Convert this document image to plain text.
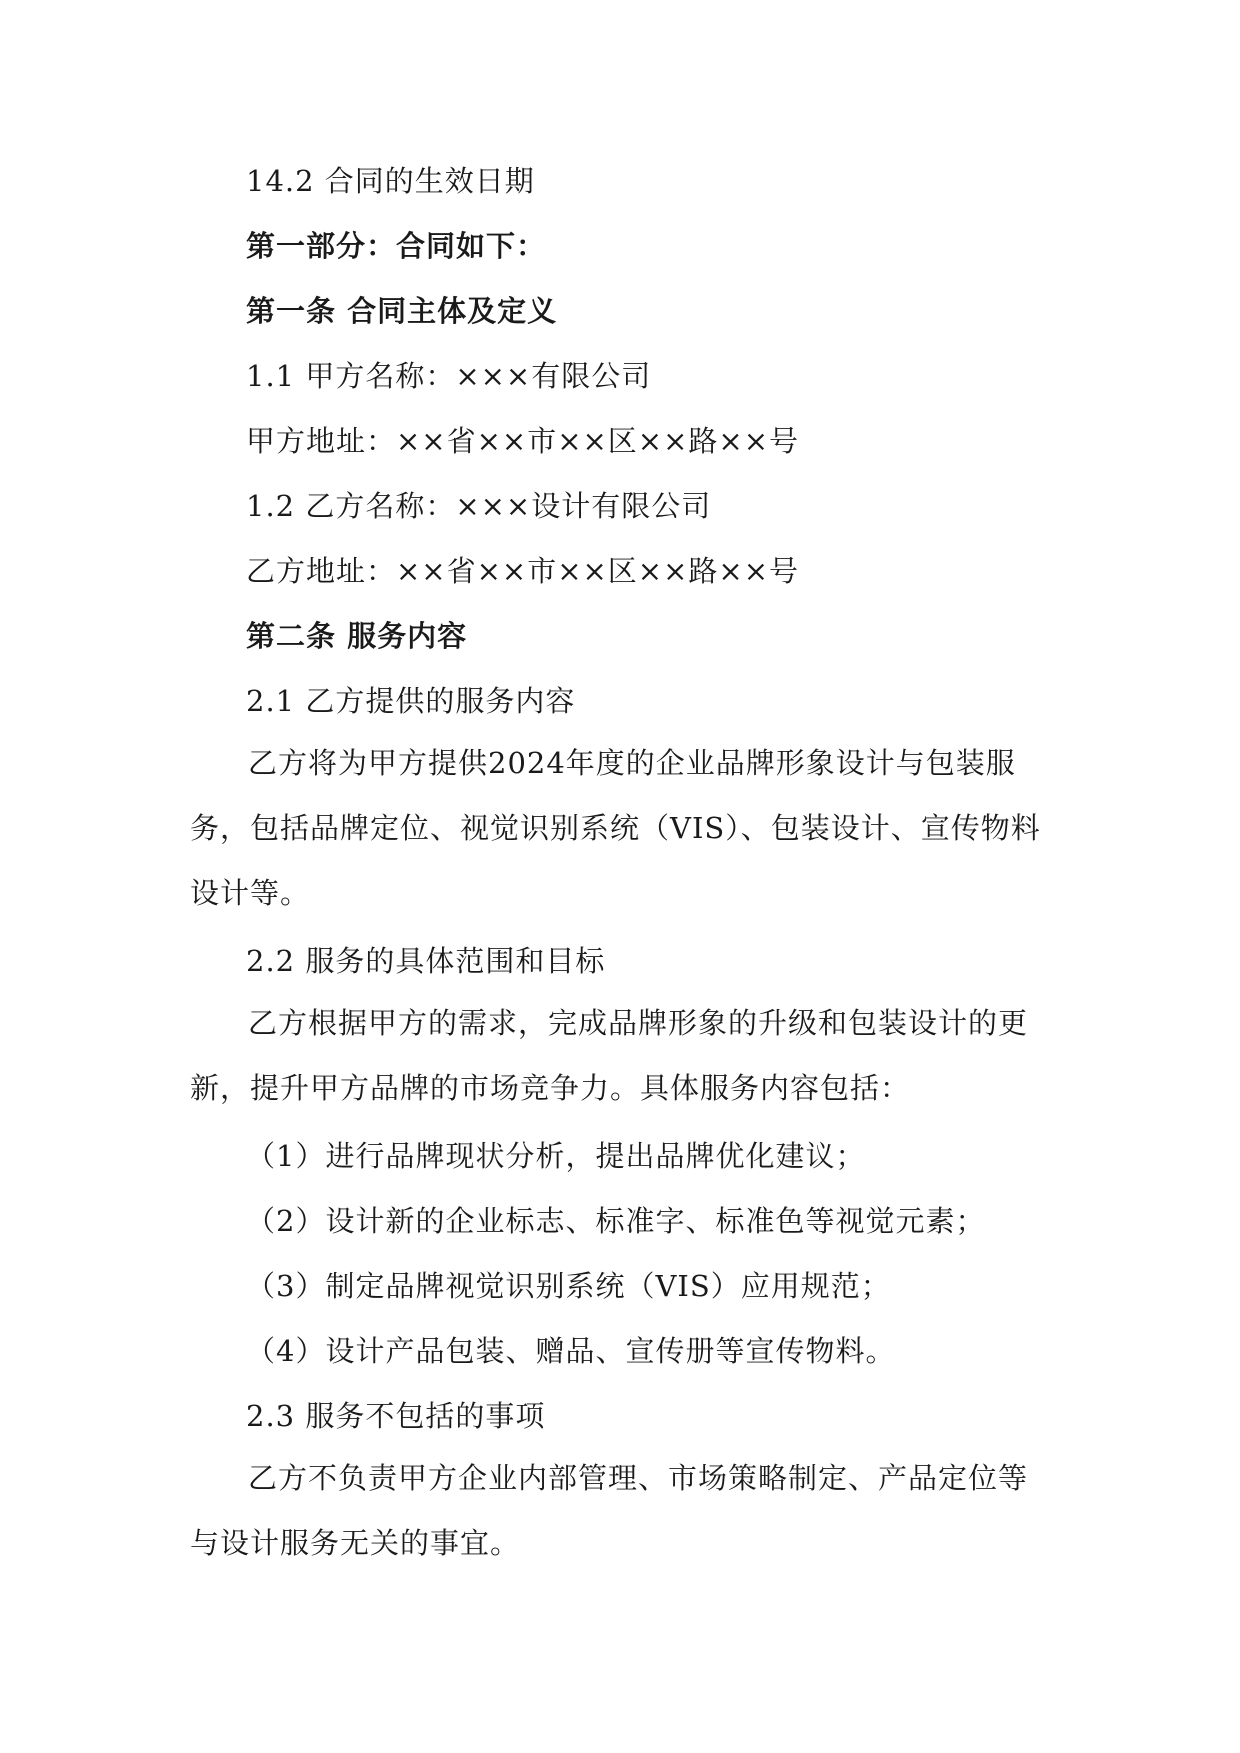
14.2 合同的生效日期
第一部分：合同如下：
第一条 合同主体及定义
1.1 甲方名称：×××有限公司
甲方地址：××省××市××区××路××号
1.2 乙方名称：×××设计有限公司
乙方地址：××省××市××区××路××号
第二条 服务内容
2.1 乙方提供的服务内容

乙方将为甲方提供2024年度的企业品牌形象设计与包装服务，包括品牌定位、视觉识别系统（VIS）、包装设计、宣传物料设计等。

2.2 服务的具体范围和目标

乙方根据甲方的需求，完成品牌形象的升级和包装设计的更新，提升甲方品牌的市场竞争力。具体服务内容包括：

（1）进行品牌现状分析，提出品牌优化建议；
（2）设计新的企业标志、标准字、标准色等视觉元素；
（3）制定品牌视觉识别系统（VIS）应用规范；
（4）设计产品包装、赠品、宣传册等宣传物料。
2.3 服务不包括的事项

乙方不负责甲方企业内部管理、市场策略制定、产品定位等与设计服务无关的事宜。
